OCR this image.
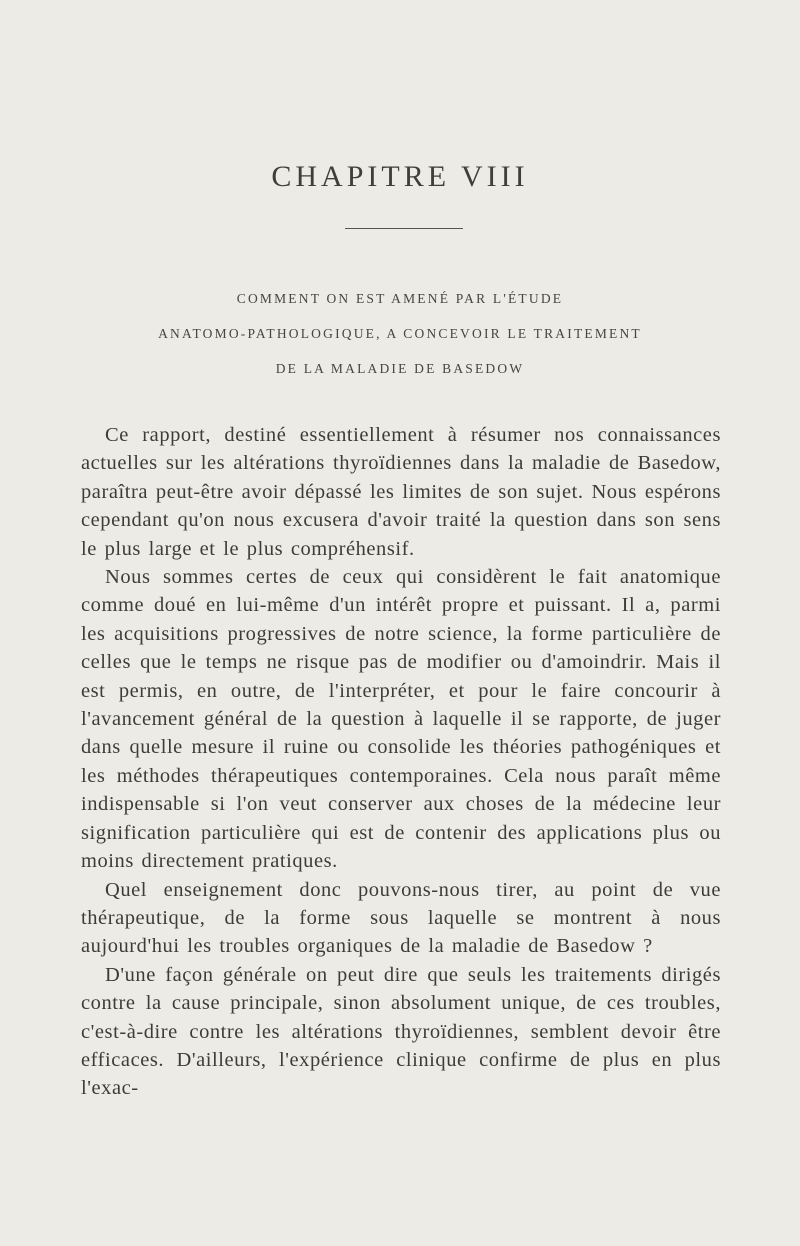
CHAPITRE VIII
COMMENT ON EST AMENÉ PAR L'ÉTUDE
ANATOMO-PATHOLOGIQUE, A CONCEVOIR LE TRAITEMENT
DE LA MALADIE DE BASEDOW

Ce rapport, destiné essentiellement à résumer nos connaissances actuelles sur les altérations thyroïdiennes dans la maladie de Basedow, paraîtra peut-être avoir dépassé les limites de son sujet. Nous espérons cependant qu'on nous excusera d'avoir traité la question dans son sens le plus large et le plus compréhensif.

Nous sommes certes de ceux qui considèrent le fait anatomique comme doué en lui-même d'un intérêt propre et puissant. Il a, parmi les acquisitions progressives de notre science, la forme particulière de celles que le temps ne risque pas de modifier ou d'amoindrir. Mais il est permis, en outre, de l'interpréter, et pour le faire concourir à l'avancement général de la question à laquelle il se rapporte, de juger dans quelle mesure il ruine ou consolide les théories pathogéniques et les méthodes thérapeutiques contemporaines. Cela nous paraît même indispensable si l'on veut conserver aux choses de la médecine leur signification particulière qui est de contenir des applications plus ou moins directement pratiques.

Quel enseignement donc pouvons-nous tirer, au point de vue thérapeutique, de la forme sous laquelle se montrent à nous aujourd'hui les troubles organiques de la maladie de Basedow ?

D'une façon générale on peut dire que seuls les traitements dirigés contre la cause principale, sinon absolument unique, de ces troubles, c'est-à-dire contre les altérations thyroïdiennes, semblent devoir être efficaces. D'ailleurs, l'expérience clinique confirme de plus en plus l'exac-
